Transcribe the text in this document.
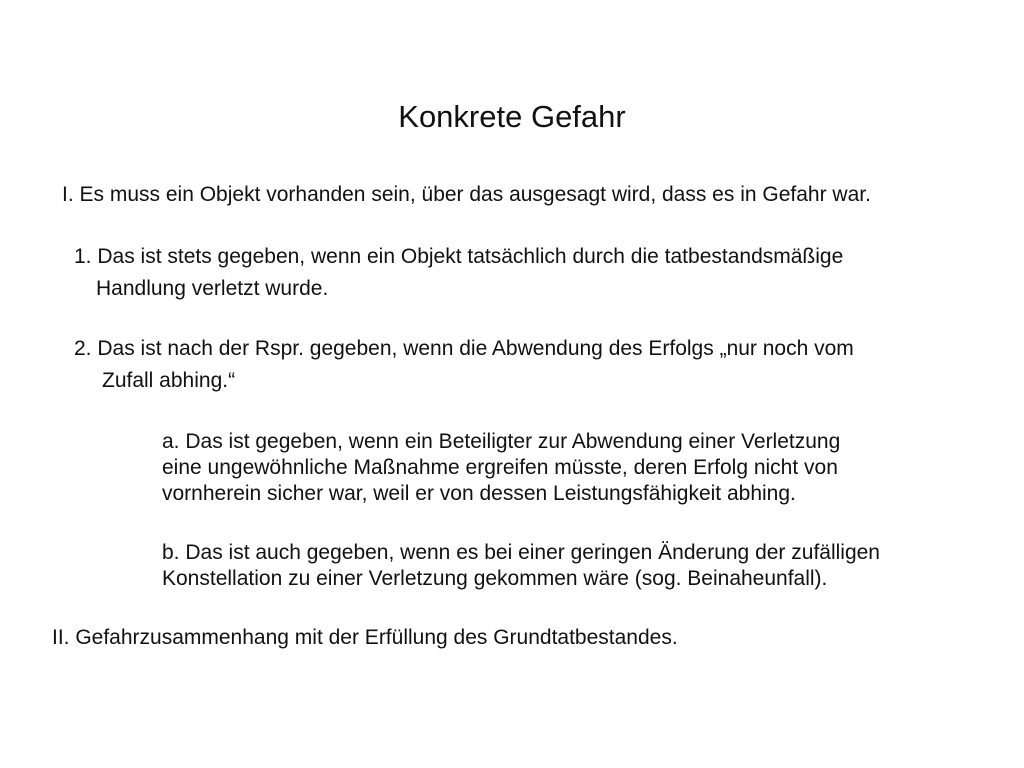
Konkrete Gefahr

I. Es muss ein Objekt vorhanden sein, über das ausgesagt wird, dass es in Gefahr war.

1. Das ist stets gegeben, wenn ein Objekt tatsächlich durch die tatbestandsmäßige

Handlung verletzt wurde.

2. Das ist nach der Rspr. gegeben, wenn die Abwendung des Erfolgs „nur noch vom

Zufall abhing.“

a. Das ist gegeben, wenn ein Beteiligter zur Abwendung einer Verletzung

eine ungewöhnliche Maßnahme ergreifen müsste, deren Erfolg nicht von

vornherein sicher war, weil er von dessen Leistungsfähigkeit abhing.

b. Das ist auch gegeben, wenn es bei einer geringen Änderung der zufälligen

Konstellation zu einer Verletzung gekommen wäre (sog. Beinaheunfall).

II. Gefahrzusammenhang mit der Erfüllung des Grundtatbestandes.
